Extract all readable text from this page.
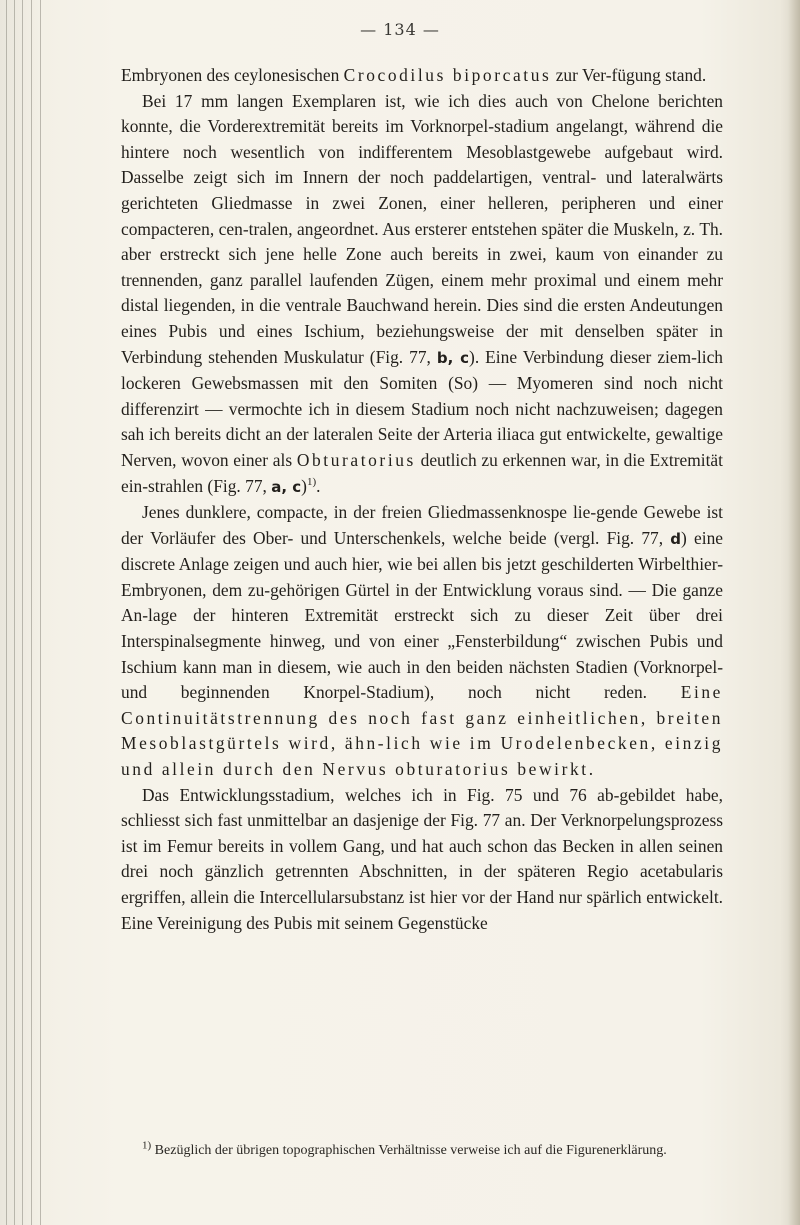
— 134 —

Embryonen des ceylonesischen Crocodilus biporcatus zur Ver-fügung stand.

Bei 17 mm langen Exemplaren ist, wie ich dies auch von Chelone berichten konnte, die Vorderextremität bereits im Vorknorpel-stadium angelangt, während die hintere noch wesentlich von indifferentem Mesoblastgewebe aufgebaut wird. Dasselbe zeigt sich im Innern der noch paddelartigen, ventral- und lateralwärts gerichteten Gliedmasse in zwei Zonen, einer helleren, peripheren und einer compacteren, cen-tralen, angeordnet. Aus ersterer entstehen später die Muskeln, z. Th. aber erstreckt sich jene helle Zone auch bereits in zwei, kaum von einander zu trennenden, ganz parallel laufenden Zügen, einem mehr proximal und einem mehr distal liegenden, in die ventrale Bauchwand herein. Dies sind die ersten Andeutungen eines Pubis und eines Ischium, beziehungsweise der mit denselben später in Verbindung stehenden Muskulatur (Fig. 77, b, c). Eine Verbindung dieser ziem-lich lockeren Gewebsmassen mit den Somiten (So) — Myomeren sind noch nicht differenzirt — vermochte ich in diesem Stadium noch nicht nachzuweisen; dagegen sah ich bereits dicht an der lateralen Seite der Arteria iliaca gut entwickelte, gewaltige Nerven, wovon einer als Obturatorius deutlich zu erkennen war, in die Extremität ein-strahlen (Fig. 77, a, c)$^{1)}$.

Jenes dunklere, compacte, in der freien Gliedmassenknospe lie-gende Gewebe ist der Vorläufer des Ober- und Unterschenkels, welche beide (vergl. Fig. 77, d) eine discrete Anlage zeigen und auch hier, wie bei allen bis jetzt geschilderten Wirbelthier-Embryonen, dem zu-gehörigen Gürtel in der Entwicklung voraus sind. — Die ganze An-lage der hinteren Extremität erstreckt sich zu dieser Zeit über drei Interspinalsegmente hinweg, und von einer „Fensterbildung“ zwischen Pubis und Ischium kann man in diesem, wie auch in den beiden nächsten Stadien (Vorknorpel- und beginnenden Knorpel-Stadium), noch nicht reden. Eine Continuitätstrennung des noch fast ganz einheitlichen, breiten Mesoblastgürtels wird, ähn-lich wie im Urodelenbecken, einzig und allein durch den Nervus obturatorius bewirkt.

Das Entwicklungsstadium, welches ich in Fig. 75 und 76 ab-gebildet habe, schliesst sich fast unmittelbar an dasjenige der Fig. 77 an. Der Verknorpelungsprozess ist im Femur bereits in vollem Gang, und hat auch schon das Becken in allen seinen drei noch gänzlich getrennten Abschnitten, in der späteren Regio acetabularis ergriffen, allein die Intercellularsubstanz ist hier vor der Hand nur spärlich entwickelt. Eine Vereinigung des Pubis mit seinem Gegenstücke

$^{1)}$ Bezüglich der übrigen topographischen Verhältnisse verweise ich auf die Figurenerklärung.
